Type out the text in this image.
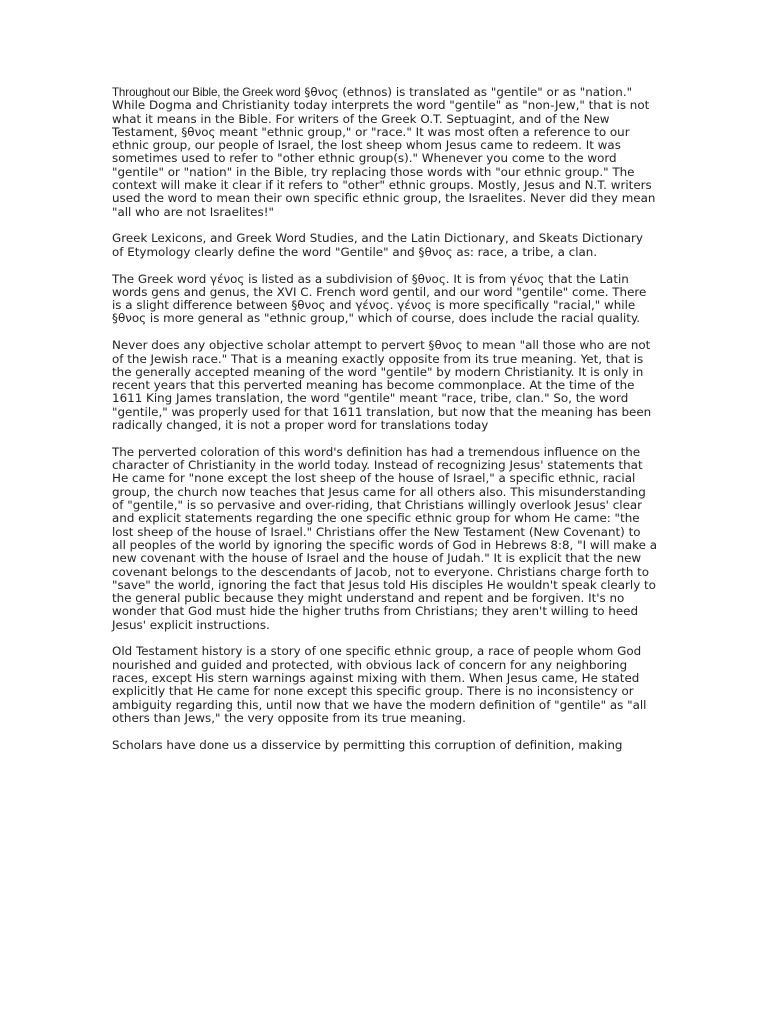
Throughout our Bible, the Greek word §θνος (ethnos) is translated as "gentile" or as "nation." While Dogma and Christianity today interprets the word "gentile" as "non-Jew," that is not what it means in the Bible. For writers of the Greek O.T. Septuagint, and of the New Testament, §θνος meant "ethnic group," or "race." It was most often a reference to our ethnic group, our people of Israel, the lost sheep whom Jesus came to redeem. It was sometimes used to refer to "other ethnic group(s)." Whenever you come to the word "gentile" or "nation" in the Bible, try replacing those words with "our ethnic group." The context will make it clear if it refers to "other" ethnic groups. Mostly, Jesus and N.T. writers used the word to mean their own specific ethnic group, the Israelites. Never did they mean "all who are not Israelites!"

Greek Lexicons, and Greek Word Studies, and the Latin Dictionary, and Skeats Dictionary of Etymology clearly define the word "Gentile" and §θνος as: race, a tribe, a clan.

The Greek word γένος is listed as a subdivision of §θνος. It is from γένος that the Latin words gens and genus, the XVI C. French word gentil, and our word "gentile" come. There is a slight difference between §θνος and γένος. γένος is more specifically "racial," while §θνος is more general as "ethnic group," which of course, does include the racial quality.

Never does any objective scholar attempt to pervert §θνος to mean "all those who are not of the Jewish race." That is a meaning exactly opposite from its true meaning. Yet, that is the generally accepted meaning of the word "gentile" by modern Christianity. It is only in recent years that this perverted meaning has become commonplace. At the time of the 1611 King James translation, the word "gentile" meant "race, tribe, clan." So, the word "gentile," was properly used for that 1611 translation, but now that the meaning has been radically changed, it is not a proper word for translations today

The perverted coloration of this word's definition has had a tremendous influence on the character of Christianity in the world today. Instead of recognizing Jesus' statements that He came for "none except the lost sheep of the house of Israel," a specific ethnic, racial group, the church now teaches that Jesus came for all others also. This misunderstanding of "gentile," is so pervasive and over-riding, that Christians willingly overlook Jesus' clear and explicit statements regarding the one specific ethnic group for whom He came: "the lost sheep of the house of Israel." Christians offer the New Testament (New Covenant) to all peoples of the world by ignoring the specific words of God in Hebrews 8:8, "I will make a new covenant with the house of Israel and the house of Judah." It is explicit that the new covenant belongs to the descendants of Jacob, not to everyone. Christians charge forth to "save" the world, ignoring the fact that Jesus told His disciples He wouldn't speak clearly to the general public because they might understand and repent and be forgiven. It's no wonder that God must hide the higher truths from Christians; they aren't willing to heed Jesus' explicit instructions.

Old Testament history is a story of one specific ethnic group, a race of people whom God nourished and guided and protected, with obvious lack of concern for any neighboring races, except His stern warnings against mixing with them. When Jesus came, He stated explicitly that He came for none except this specific group. There is no inconsistency or ambiguity regarding this, until now that we have the modern definition of "gentile" as "all others than Jews," the very opposite from its true meaning.

Scholars have done us a disservice by permitting this corruption of definition, making
